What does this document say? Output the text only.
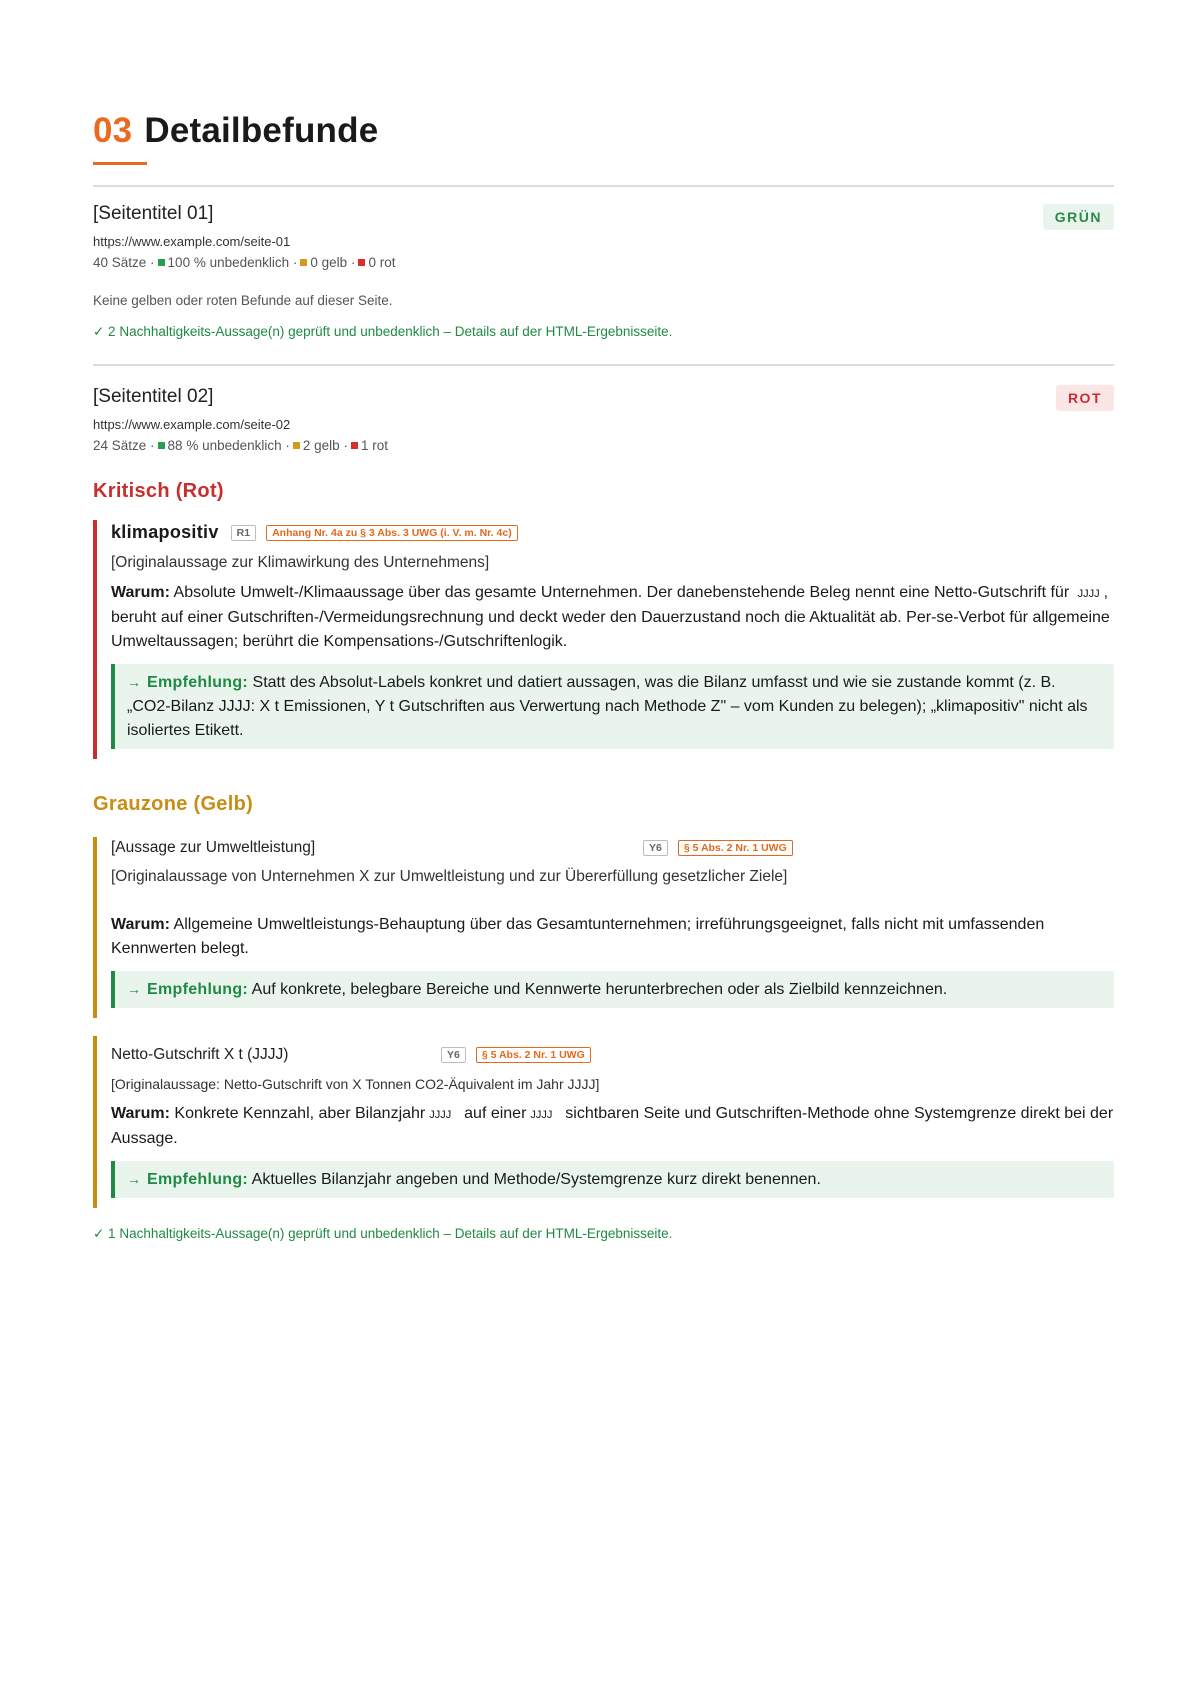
03 Detailbefunde
[Seitentitel 01]	GRÜN
https://www.example.com/seite-01
40 Sätze · 100 % unbedenklich · 0 gelb · 0 rot
Keine gelben oder roten Befunde auf dieser Seite.
✓ 2 Nachhaltigkeits-Aussage(n) geprüft und unbedenklich – Details auf der HTML-Ergebnisseite.
[Seitentitel 02]	ROT
https://www.example.com/seite-02
24 Sätze · 88 % unbedenklich · 2 gelb · 1 rot
Kritisch (Rot)
klimapositiv	R1	Anhang Nr. 4a zu § 3 Abs. 3 UWG (i. V. m. Nr. 4c)
[Originalaussage zur Klimawirkung des Unternehmens]
Warum: Absolute Umwelt-/Klimaaussage über das gesamte Unternehmen. Der danebenstehende Beleg nennt eine Netto-Gutschrift für JJJJ , beruht auf einer Gutschriften-/Vermeidungsrechnung und deckt weder den Dauerzustand noch die Aktualität ab. Per-se-Verbot für allgemeine Umweltaussagen; berührt die Kompensations-/Gutschriftenlogik.
→ Empfehlung: Statt des Absolut-Labels konkret und datiert aussagen, was die Bilanz umfasst und wie sie zustande kommt (z. B. „CO2-Bilanz JJJJ: X t Emissionen, Y t Gutschriften aus Verwertung nach Methode Z" – vom Kunden zu belegen); „klimapositiv" nicht als isoliertes Etikett.
Grauzone (Gelb)
[Aussage zur Umweltleistung]	Y6	§ 5 Abs. 2 Nr. 1 UWG
[Originalaussage von Unternehmen X zur Umweltleistung und zur Übererfüllung gesetzlicher Ziele]
Warum: Allgemeine Umweltleistungs-Behauptung über das Gesamtunternehmen; irreführungsgeeignet, falls nicht mit umfassenden Kennwerten belegt.
→ Empfehlung: Auf konkrete, belegbare Bereiche und Kennwerte herunterbrechen oder als Zielbild kennzeichnen.
Netto-Gutschrift X t (JJJJ)	Y6	§ 5 Abs. 2 Nr. 1 UWG
[Originalaussage: Netto-Gutschrift von X Tonnen CO2-Äquivalent im Jahr JJJJ]
Warum: Konkrete Kennzahl, aber Bilanzjahr JJJJ auf einer JJJJ sichtbaren Seite und Gutschriften-Methode ohne Systemgrenze direkt bei der Aussage.
→ Empfehlung: Aktuelles Bilanzjahr angeben und Methode/Systemgrenze kurz direkt benennen.
✓ 1 Nachhaltigkeits-Aussage(n) geprüft und unbedenklich – Details auf der HTML-Ergebnisseite.
